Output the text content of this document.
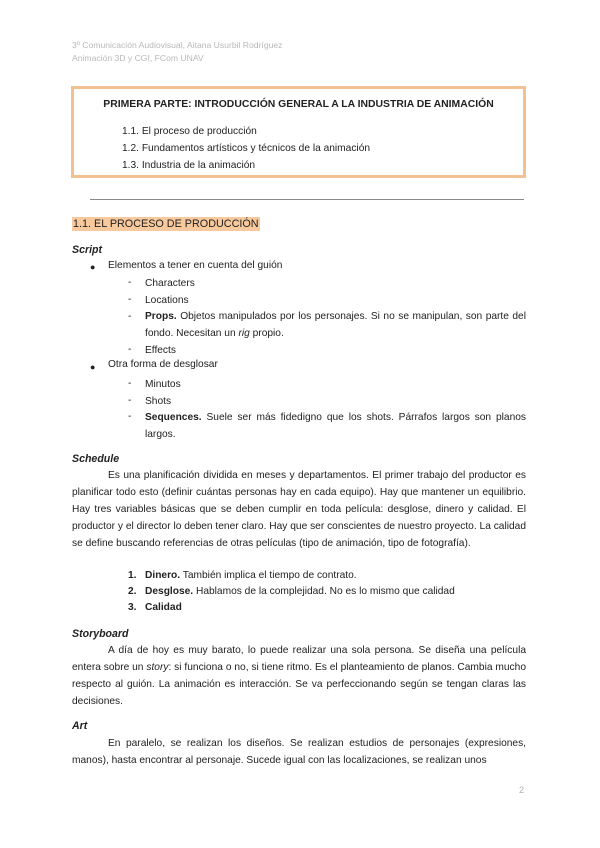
3º Comunicación Audiovisual, Aitana Usurbil Rodríguez
Animación 3D y CGI, FCom UNAV
PRIMERA PARTE: INTRODUCCIÓN GENERAL A LA INDUSTRIA DE ANIMACIÓN
1.1. El proceso de producción
1.2. Fundamentos artísticos y técnicos de la animación
1.3. Industria de la animación
1.1. EL PROCESO DE PRODUCCIÓN
Script
● Elementos a tener en cuenta del guión
- Characters
- Locations
- Props. Objetos manipulados por los personajes. Si no se manipulan, son parte del fondo. Necesitan un rig propio.
- Effects
● Otra forma de desglosar
- Minutos
- Shots
- Sequences. Suele ser más fidedigno que los shots. Párrafos largos son planos largos.
Schedule
Es una planificación dividida en meses y departamentos. El primer trabajo del productor es planificar todo esto (definir cuántas personas hay en cada equipo). Hay que mantener un equilibrio. Hay tres variables básicas que se deben cumplir en toda película: desglose, dinero y calidad. El productor y el director lo deben tener claro. Hay que ser conscientes de nuestro proyecto. La calidad se define buscando referencias de otras películas (tipo de animación, tipo de fotografía).
1. Dinero. También implica el tiempo de contrato.
2. Desglose. Hablamos de la complejidad. No es lo mismo que calidad
3. Calidad
Storyboard
A día de hoy es muy barato, lo puede realizar una sola persona. Se diseña una película entera sobre un story: si funciona o no, si tiene ritmo. Es el planteamiento de planos. Cambia mucho respecto al guión. La animación es interacción. Se va perfeccionando según se tengan claras las decisiones.
Art
En paralelo, se realizan los diseños. Se realizan estudios de personajes (expresiones, manos), hasta encontrar al personaje. Sucede igual con las localizaciones, se realizan unos
2
